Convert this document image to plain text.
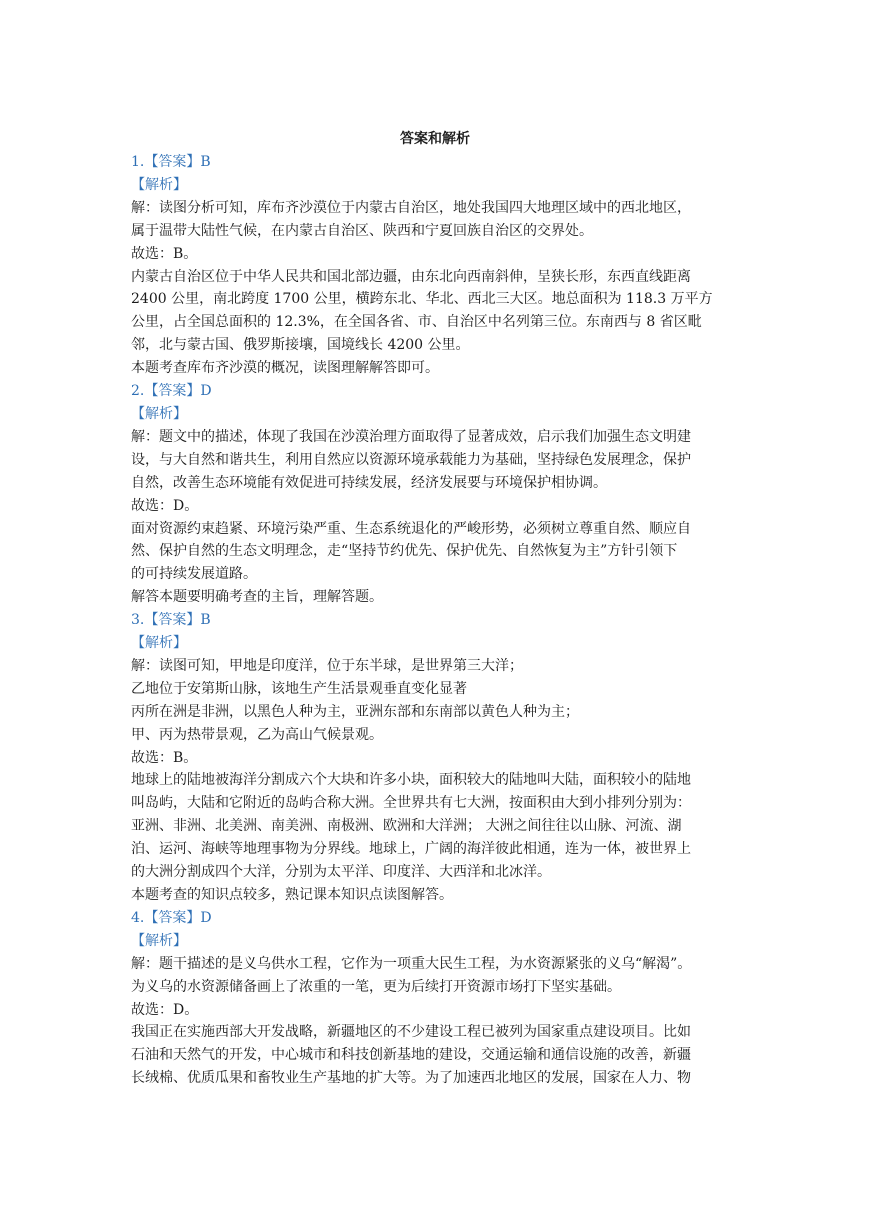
答案和解析
1.【答案】B
【解析】
解：读图分析可知，库布齐沙漠位于内蒙古自治区，地处我国四大地理区域中的西北地区，
属于温带大陆性气候，在内蒙古自治区、陕西和宁夏回族自治区的交界处。
故选：B。
内蒙古自治区位于中华人民共和国北部边疆，由东北向西南斜伸，呈狭长形，东西直线距离
2400 公里，南北跨度 1700 公里，横跨东北、华北、西北三大区。地总面积为 118.3 万平方
公里，占全国总面积的 12.3%，在全国各省、市、自治区中名列第三位。东南西与 8 省区毗
邻，北与蒙古国、俄罗斯接壤，国境线长 4200 公里。
本题考查库布齐沙漠的概况，读图理解解答即可。
2.【答案】D
【解析】
解：题文中的描述，体现了我国在沙漠治理方面取得了显著成效，启示我们加强生态文明建
设，与大自然和谐共生，利用自然应以资源环境承载能力为基础，坚持绿色发展理念，保护
自然，改善生态环境能有效促进可持续发展，经济发展要与环境保护相协调。
故选：D。
面对资源约束趋紧、环境污染严重、生态系统退化的严峻形势，必须树立尊重自然、顺应自
然、保护自然的生态文明理念，走“坚持节约优先、保护优先、自然恢复为主”方针引领下
的可持续发展道路。
解答本题要明确考查的主旨，理解答题。
3.【答案】B
【解析】
解：读图可知，甲地是印度洋，位于东半球，是世界第三大洋；
乙地位于安第斯山脉，该地生产生活景观垂直变化显著
丙所在洲是非洲，以黑色人种为主，亚洲东部和东南部以黄色人种为主；
甲、丙为热带景观，乙为高山气候景观。
故选：B。
地球上的陆地被海洋分割成六个大块和许多小块，面积较大的陆地叫大陆，面积较小的陆地
叫岛屿，大陆和它附近的岛屿合称大洲。全世界共有七大洲，按面积由大到小排列分别为：
亚洲、非洲、北美洲、南美洲、南极洲、欧洲和大洋洲； 大洲之间往往以山脉、河流、湖
泊、运河、海峡等地理事物为分界线。地球上，广阔的海洋彼此相通，连为一体，被世界上
的大洲分割成四个大洋，分别为太平洋、印度洋、大西洋和北冰洋。
本题考查的知识点较多，熟记课本知识点读图解答。
4.【答案】D
【解析】
解：题干描述的是义乌供水工程，它作为一项重大民生工程，为水资源紧张的义乌“解渴”。
为义乌的水资源储备画上了浓重的一笔，更为后续打开资源市场打下坚实基础。
故选：D。
我国正在实施西部大开发战略，新疆地区的不少建设工程已被列为国家重点建设项目。比如
石油和天然气的开发，中心城市和科技创新基地的建设，交通运输和通信设施的改善，新疆
长绒棉、优质瓜果和畜牧业生产基地的扩大等。为了加速西北地区的发展，国家在人力、物
